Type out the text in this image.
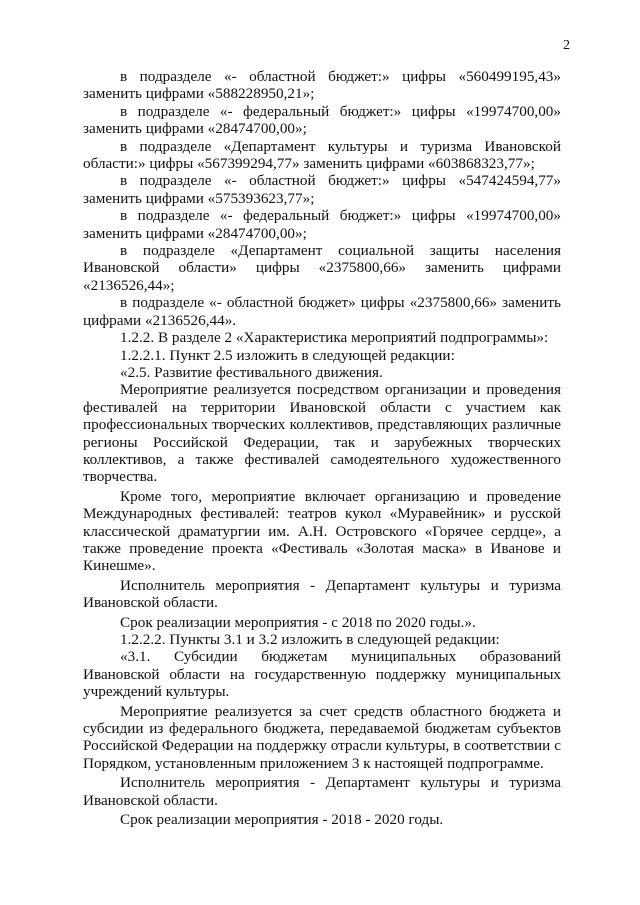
2

в подразделе «- областной бюджет:» цифры «560499195,43» заменить цифрами «588228950,21»;

в подразделе «- федеральный бюджет:» цифры «19974700,00» заменить цифрами «28474700,00»;

в подразделе «Департамент культуры и туризма Ивановской области:» цифры «567399294,77» заменить цифрами «603868323,77»;

в подразделе «- областной бюджет:» цифры «547424594,77» заменить цифрами «575393623,77»;

в подразделе «- федеральный бюджет:» цифры «19974700,00» заменить цифрами «28474700,00»;

в подразделе «Департамент социальной защиты населения Ивановской области» цифры «2375800,66» заменить цифрами «2136526,44»;

в подразделе «- областной бюджет» цифры «2375800,66» заменить цифрами «2136526,44».

1.2.2. В разделе 2 «Характеристика мероприятий подпрограммы»:

1.2.2.1. Пункт 2.5 изложить в следующей редакции:

«2.5. Развитие фестивального движения.

Мероприятие реализуется посредством организации и проведения фестивалей на территории Ивановской области с участием как профессиональных творческих коллективов, представляющих различные регионы Российской Федерации, так и зарубежных творческих коллективов, а также фестивалей самодеятельного художественного творчества.

Кроме того, мероприятие включает организацию и проведение Международных фестивалей: театров кукол «Муравейник» и русской классической драматургии им. А.Н. Островского «Горячее сердце», а также проведение проекта «Фестиваль «Золотая маска» в Иванове и Кинешме».

Исполнитель мероприятия - Департамент культуры и туризма Ивановской области.

Срок реализации мероприятия - с 2018 по 2020 годы.».

1.2.2.2. Пункты 3.1 и 3.2 изложить в следующей редакции:

«3.1. Субсидии бюджетам муниципальных образований Ивановской области на государственную поддержку муниципальных учреждений культуры.

Мероприятие реализуется за счет средств областного бюджета и субсидии из федерального бюджета, передаваемой бюджетам субъектов Российской Федерации на поддержку отрасли культуры, в соответствии с Порядком, установленным приложением 3 к настоящей подпрограмме.

Исполнитель мероприятия - Департамент культуры и туризма Ивановской области.

Срок реализации мероприятия - 2018 - 2020 годы.
